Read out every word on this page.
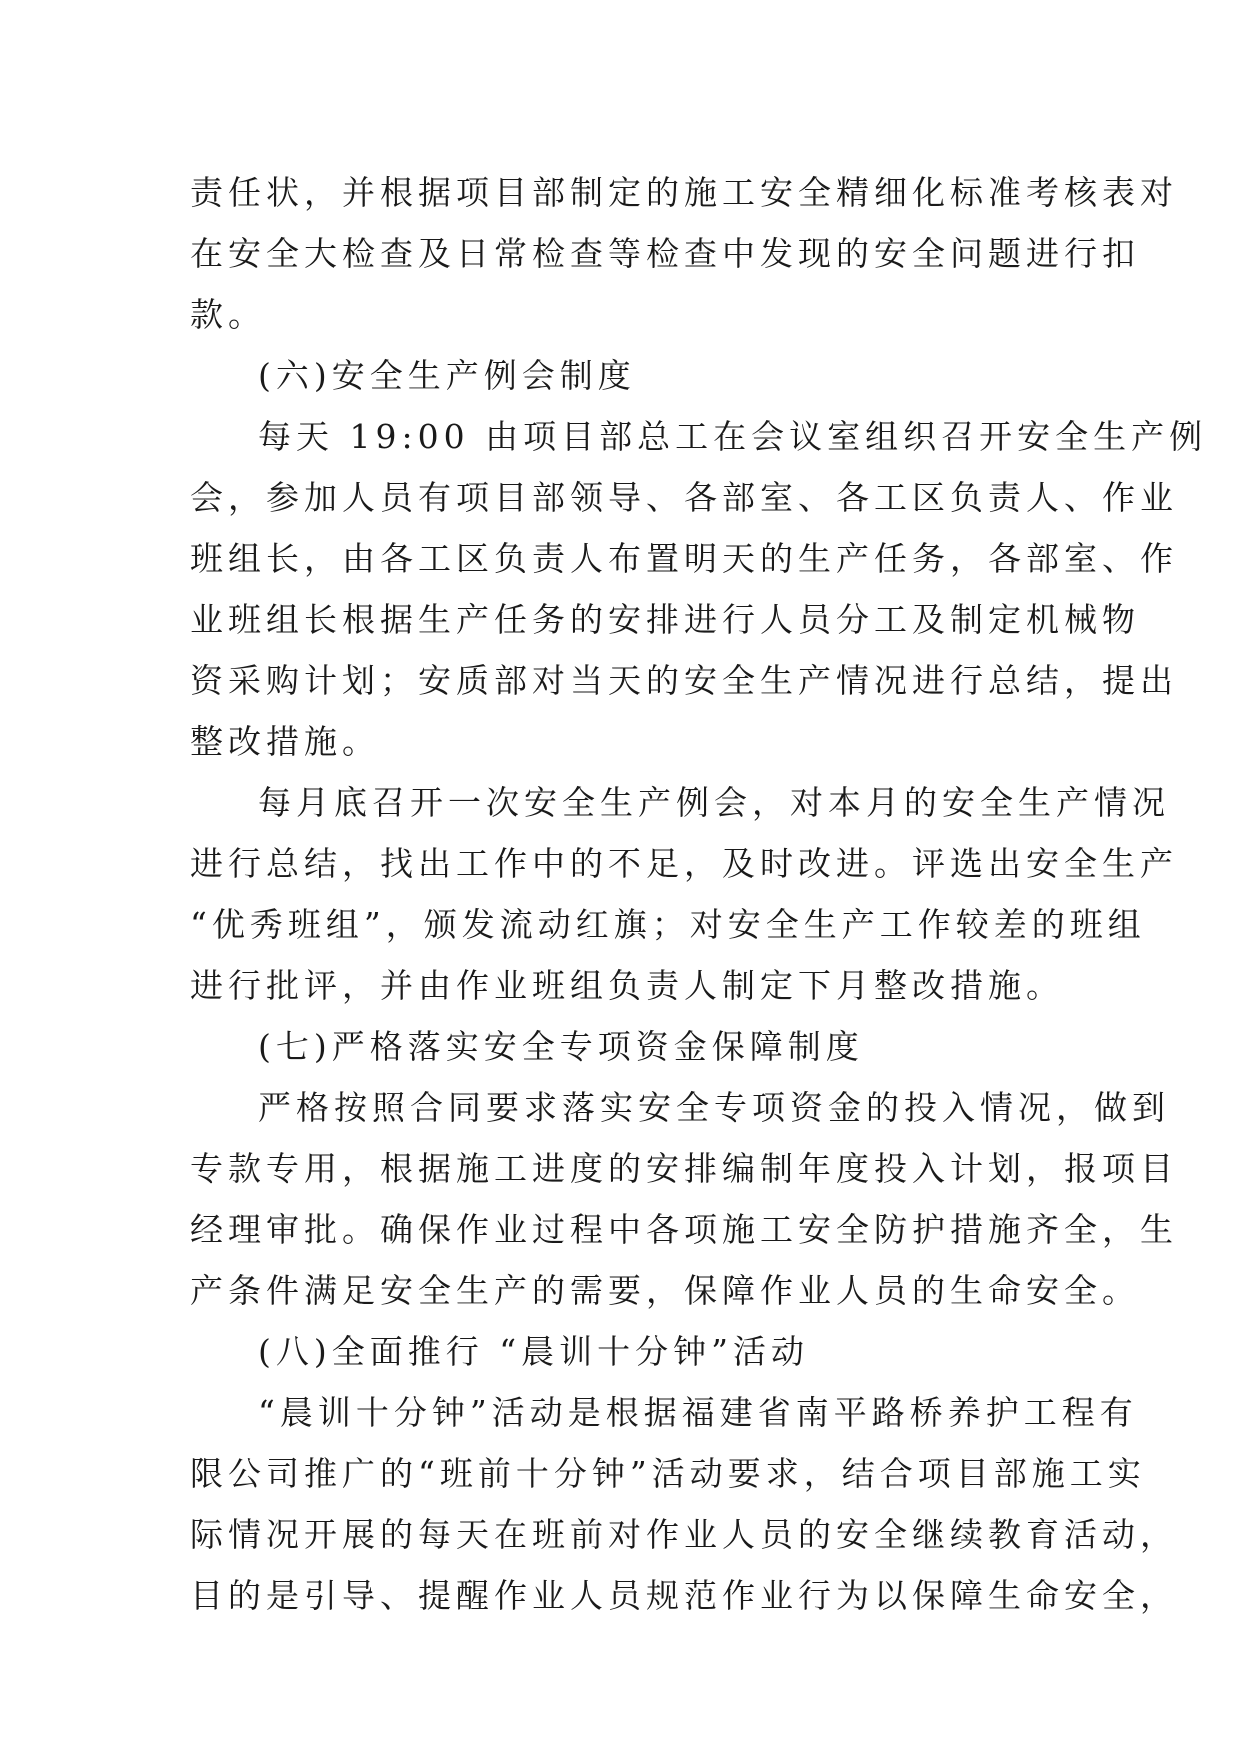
责任状，并根据项目部制定的施工安全精细化标准考核表对
在安全大检查及日常检查等检查中发现的安全问题进行扣
款。
(六)安全生产例会制度
每天 19:00 由项目部总工在会议室组织召开安全生产例
会，参加人员有项目部领导、各部室、各工区负责人、作业
班组长，由各工区负责人布置明天的生产任务，各部室、作
业班组长根据生产任务的安排进行人员分工及制定机械物
资采购计划；安质部对当天的安全生产情况进行总结，提出
整改措施。
每月底召开一次安全生产例会，对本月的安全生产情况
进行总结，找出工作中的不足，及时改进。评选出安全生产
“优秀班组”，颁发流动红旗；对安全生产工作较差的班组
进行批评，并由作业班组负责人制定下月整改措施。
(七)严格落实安全专项资金保障制度
严格按照合同要求落实安全专项资金的投入情况，做到
专款专用，根据施工进度的安排编制年度投入计划，报项目
经理审批。确保作业过程中各项施工安全防护措施齐全，生
产条件满足安全生产的需要，保障作业人员的生命安全。
(八)全面推行 “晨训十分钟”活动
“晨训十分钟”活动是根据福建省南平路桥养护工程有
限公司推广的“班前十分钟”活动要求，结合项目部施工实
际情况开展的每天在班前对作业人员的安全继续教育活动，
目的是引导、提醒作业人员规范作业行为以保障生命安全，
